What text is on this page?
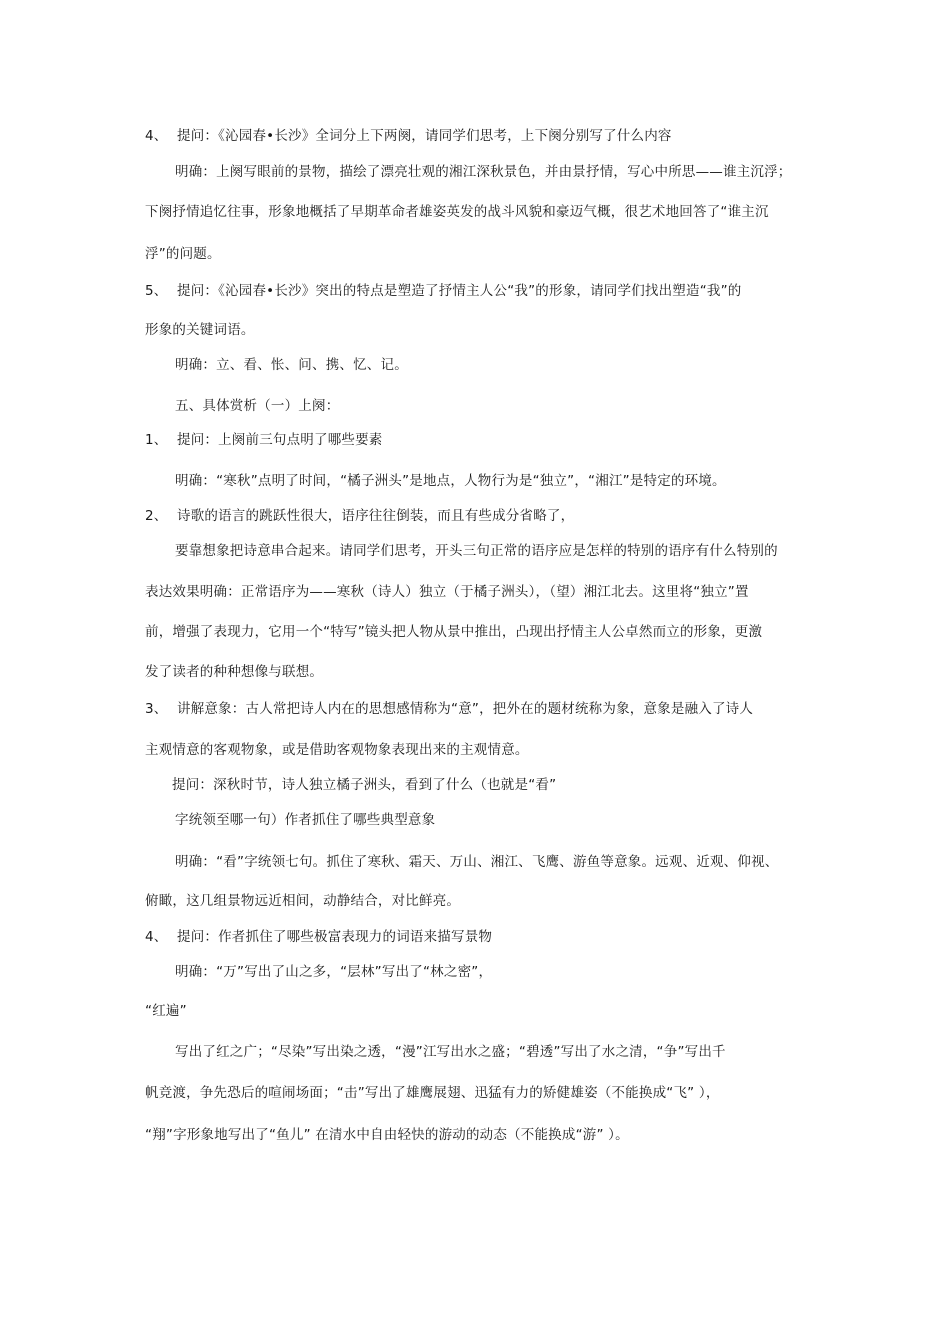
4、 提问：《沁园春•长沙》全词分上下两阕，请同学们思考，上下阕分别写了什么内容

明确：上阕写眼前的景物，描绘了漂亮壮观的湘江深秋景色，并由景抒情，写心中所思——谁主沉浮；

下阕抒情追忆往事，形象地概括了早期革命者雄姿英发的战斗风貌和豪迈气概，很艺术地回答了“谁主沉

浮”的问题。

5、 提问：《沁园春•长沙》突出的特点是塑造了抒情主人公“我”的形象，请同学们找出塑造“我”的

形象的关键词语。

明确：立、看、怅、问、携、忆、记。

五、具体赏析（一）上阕：

1、 提问：上阕前三句点明了哪些要素

明确：“寒秋”点明了时间，“橘子洲头”是地点，人物行为是“独立”，“湘江”是特定的环境。

2、 诗歌的语言的跳跃性很大，语序往往倒装，而且有些成分省略了，

要靠想象把诗意串合起来。请同学们思考，开头三句正常的语序应是怎样的特别的语序有什么特别的

表达效果明确：正常语序为——寒秋（诗人）独立（于橘子洲头），（望）湘江北去。这里将“独立”置

前，增强了表现力，它用一个“特写”镜头把人物从景中推出，凸现出抒情主人公卓然而立的形象，更激

发了读者的种种想像与联想。

3、 讲解意象：古人常把诗人内在的思想感情称为“意”，把外在的题材统称为象，意象是融入了诗人

主观情意的客观物象，或是借助客观物象表现出来的主观情意。

提问：深秋时节，诗人独立橘子洲头，看到了什么（也就是“看”

字统领至哪一句）作者抓住了哪些典型意象

明确：“看”字统领七句。抓住了寒秋、霜天、万山、湘江、飞鹰、游鱼等意象。远观、近观、仰视、

俯瞰，这几组景物远近相间，动静结合，对比鲜亮。

4、 提问：作者抓住了哪些极富表现力的词语来描写景物

明确：“万”写出了山之多，“层林”写出了“林之密”，

“红遍”

写出了红之广；“尽染”写出染之透，“漫”江写出水之盛；“碧透”写出了水之清，“争”写出千

帆竞渡，争先恐后的喧闹场面；“击”写出了雄鹰展翅、迅猛有力的矫健雄姿（不能换成“飞” ），

“翔”字形象地写出了“鱼儿” 在清水中自由轻快的游动的动态（不能换成“游” ）。
